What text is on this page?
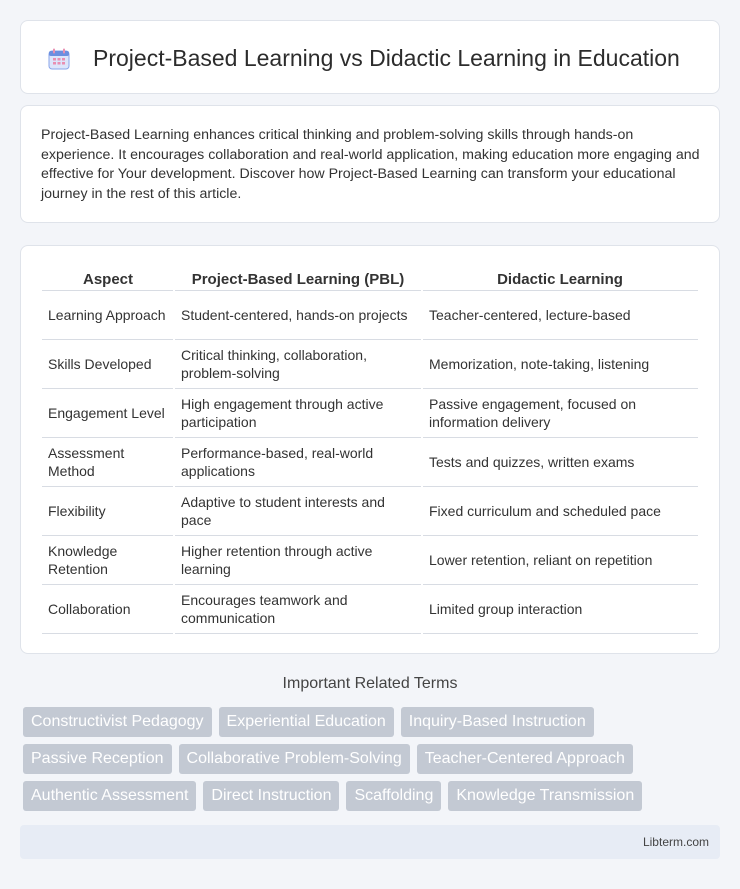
Project-Based Learning vs Didactic Learning in Education

Project-Based Learning enhances critical thinking and problem-solving skills through hands-on experience. It encourages collaboration and real-world application, making education more engaging and effective for Your development. Discover how Project-Based Learning can transform your educational journey in the rest of this article.

Aspect	Project-Based Learning (PBL)	Didactic Learning
Learning Approach	Student-centered, hands-on projects	Teacher-centered, lecture-based
Skills Developed	Critical thinking, collaboration, problem-solving	Memorization, note-taking, listening
Engagement Level	High engagement through active participation	Passive engagement, focused on information delivery
Assessment Method	Performance-based, real-world applications	Tests and quizzes, written exams
Flexibility	Adaptive to student interests and pace	Fixed curriculum and scheduled pace
Knowledge Retention	Higher retention through active learning	Lower retention, reliant on repetition
Collaboration	Encourages teamwork and communication	Limited group interaction
Important Related Terms
Constructivist Pedagogy	Experiential Education	Inquiry-Based Instruction
Passive Reception	Collaborative Problem-Solving	Teacher-Centered Approach
Authentic Assessment	Direct Instruction	Scaffolding	Knowledge Transmission
Libterm.com
